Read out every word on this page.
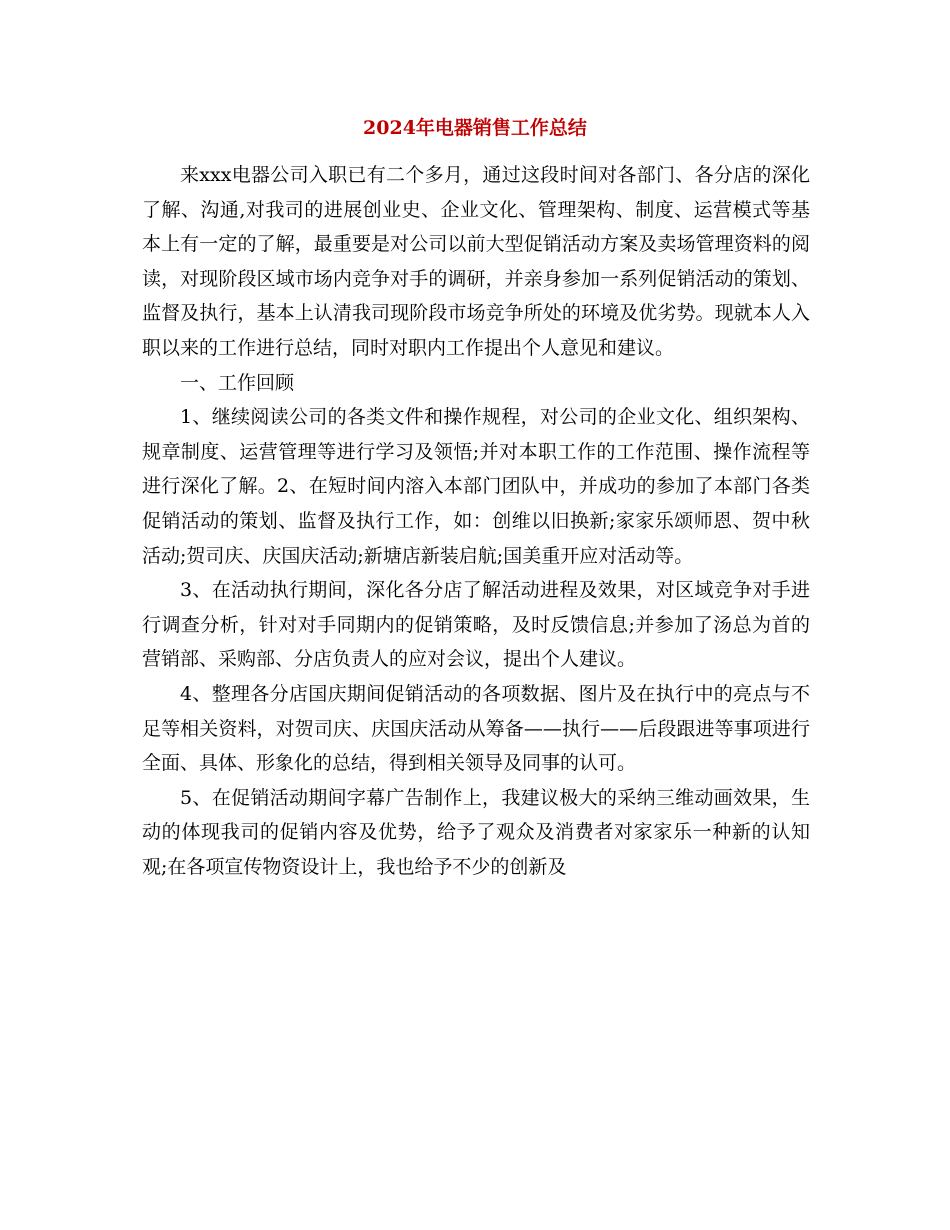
2024年电器销售工作总结

来xxx电器公司入职已有二个多月，通过这段时间对各部门、各分店的深化了解、沟通,对我司的进展创业史、企业文化、管理架构、制度、运营模式等基本上有一定的了解，最重要是对公司以前大型促销活动方案及卖场管理资料的阅读，对现阶段区域市场内竞争对手的调研，并亲身参加一系列促销活动的策划、监督及执行，基本上认清我司现阶段市场竞争所处的环境及优劣势。现就本人入职以来的工作进行总结，同时对职内工作提出个人意见和建议。

一、工作回顾

1、继续阅读公司的各类文件和操作规程，对公司的企业文化、组织架构、规章制度、运营管理等进行学习及领悟;并对本职工作的工作范围、操作流程等进行深化了解。2、在短时间内溶入本部门团队中，并成功的参加了本部门各类促销活动的策划、监督及执行工作，如：创维以旧换新;家家乐颂师恩、贺中秋活动;贺司庆、庆国庆活动;新塘店新装启航;国美重开应对活动等。

3、在活动执行期间，深化各分店了解活动进程及效果，对区域竞争对手进行调查分析，针对对手同期内的促销策略，及时反馈信息;并参加了汤总为首的营销部、采购部、分店负责人的应对会议，提出个人建议。

4、整理各分店国庆期间促销活动的各项数据、图片及在执行中的亮点与不足等相关资料，对贺司庆、庆国庆活动从筹备——执行——后段跟进等事项进行全面、具体、形象化的总结，得到相关领导及同事的认可。

5、在促销活动期间字幕广告制作上，我建议极大的采纳三维动画效果，生动的体现我司的促销内容及优势，给予了观众及消费者对家家乐一种新的认知观;在各项宣传物资设计上，我也给予不少的创新及
